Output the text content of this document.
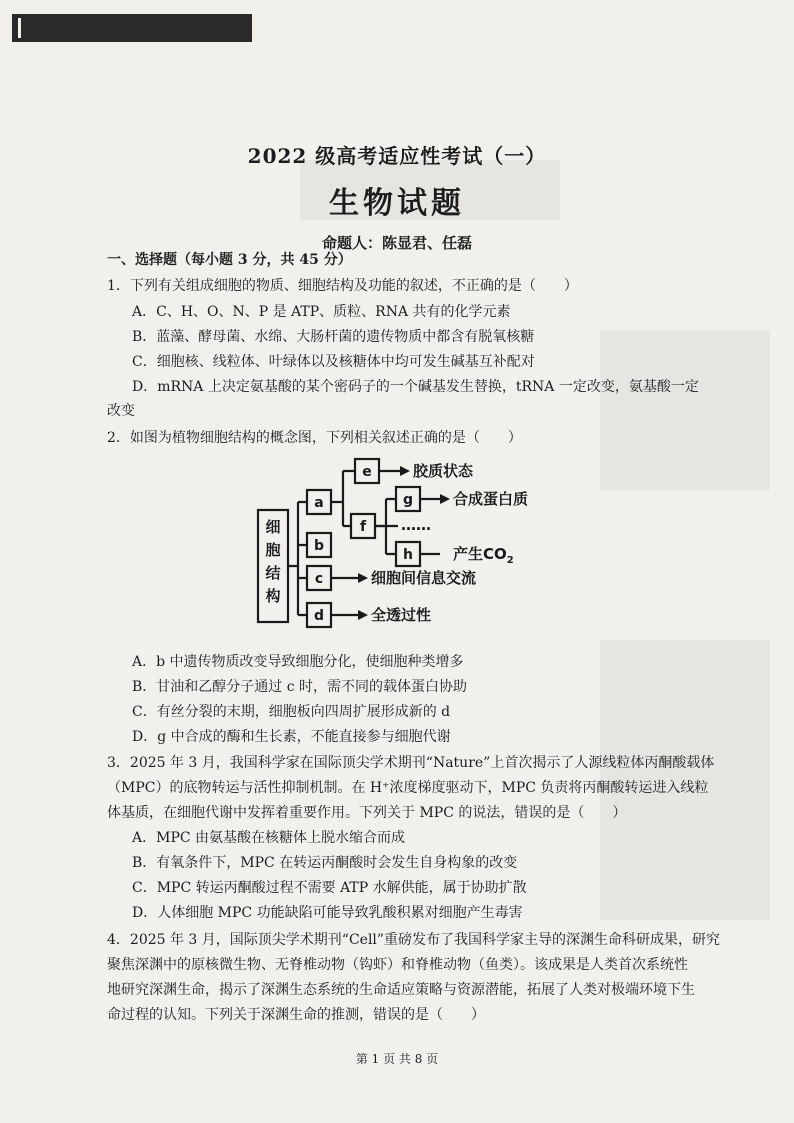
2022 级高考适应性考试（一）
生物试题
命题人：陈显君、任磊
一、选择题（每小题 3 分，共 45 分）
1．下列有关组成细胞的物质、细胞结构及功能的叙述，不正确的是（　　）
A．C、H、O、N、P 是 ATP、质粒、RNA 共有的化学元素
B．蓝藻、酵母菌、水绵、大肠杆菌的遗传物质中都含有脱氧核糖
C．细胞核、线粒体、叶绿体以及核糖体中均可发生碱基互补配对
D．mRNA 上决定氨基酸的某个密码子的一个碱基发生替换，tRNA 一定改变，氨基酸一定
改变
2．如图为植物细胞结构的概念图，下列相关叙述正确的是（　　）
细
胞
结
构
a
b
c
d
e
f
g
h
胶质状态
合成蛋白质
……
产生$CO_2$
细胞间信息交流
全透过性
A．b 中遗传物质改变导致细胞分化，使细胞种类增多
B．甘油和乙醇分子通过 c 时，需不同的载体蛋白协助
C．有丝分裂的末期，细胞板向四周扩展形成新的 d
D．g 中合成的酶和生长素，不能直接参与细胞代谢
3．2025 年 3 月，我国科学家在国际顶尖学术期刊“Nature”上首次揭示了人源线粒体丙酮酸载体
（MPC）的底物转运与活性抑制机制。在 H⁺浓度梯度驱动下，MPC 负责将丙酮酸转运进入线粒
体基质，在细胞代谢中发挥着重要作用。下列关于 MPC 的说法，错误的是（　　）
A．MPC 由氨基酸在核糖体上脱水缩合而成
B．有氧条件下，MPC 在转运丙酮酸时会发生自身构象的改变
C．MPC 转运丙酮酸过程不需要 ATP 水解供能，属于协助扩散
D．人体细胞 MPC 功能缺陷可能导致乳酸积累对细胞产生毒害
4．2025 年 3 月，国际顶尖学术期刊“Cell”重磅发布了我国科学家主导的深渊生命科研成果，研究
聚焦深渊中的原核微生物、无脊椎动物（钩虾）和脊椎动物（鱼类）。该成果是人类首次系统性
地研究深渊生命，揭示了深渊生态系统的生命适应策略与资源潜能，拓展了人类对极端环境下生
命过程的认知。下列关于深渊生命的推测，错误的是（　　）
第 1 页 共 8 页
